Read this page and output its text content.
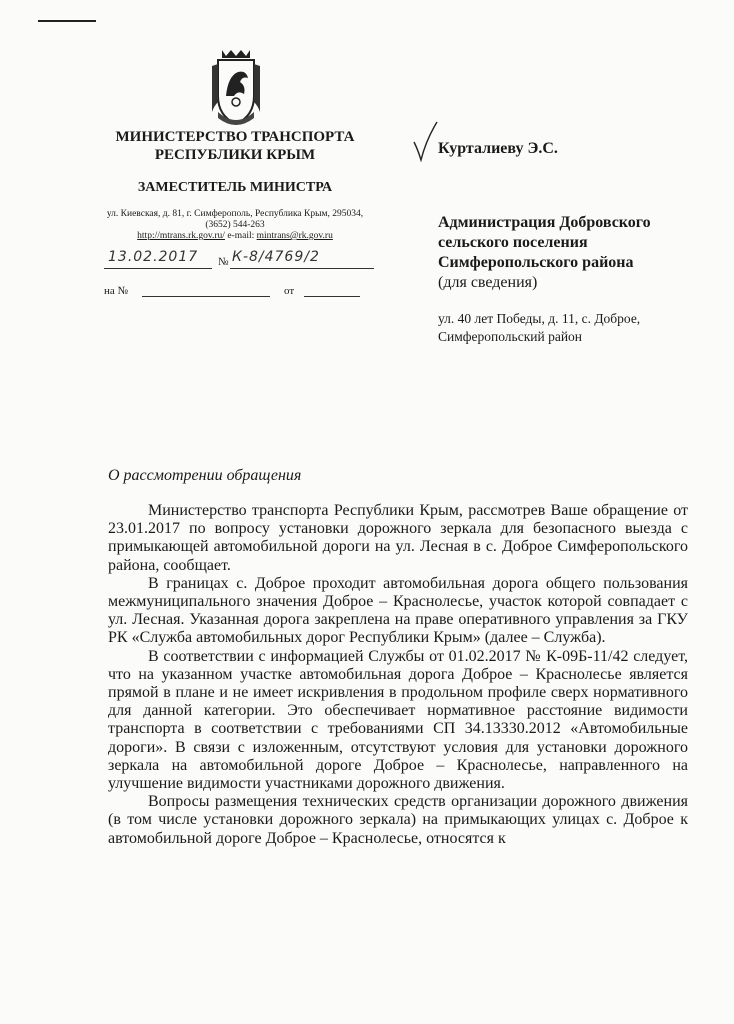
МИНИСТЕРСТВО ТРАНСПОРТА
РЕСПУБЛИКИ КРЫМ
ЗАМЕСТИТЕЛЬ МИНИСТРА
ул. Киевская, д. 81, г. Симферополь, Республика Крым, 295034,
(3652) 544-263
http://mtrans.rk.gov.ru/ e-mail: mintrans@rk.gov.ru
13.02.2017 № К-8/4769/2
на №	от
Курталиеву Э.С.
Администрация Добровского
сельского поселения
Симферопольского района
(для сведения)
ул. 40 лет Победы, д. 11, с. Доброе,
Симферопольский район
О рассмотрении обращения

Министерство транспорта Республики Крым, рассмотрев Ваше обращение от 23.01.2017 по вопросу установки дорожного зеркала для безопасного выезда с примыкающей автомобильной дороги на ул. Лесная в с. Доброе Симферопольского района, сообщает.

В границах с. Доброе проходит автомобильная дорога общего пользования межмуниципального значения Доброе – Краснолесье, участок которой совпадает с ул. Лесная. Указанная дорога закреплена на праве оперативного управления за ГКУ РК «Служба автомобильных дорог Республики Крым» (далее – Служба).

В соответствии с информацией Службы от 01.02.2017 № К-09Б-11/42 следует, что на указанном участке автомобильная дорога Доброе – Краснолесье является прямой в плане и не имеет искривления в продольном профиле сверх нормативного для данной категории. Это обеспечивает нормативное расстояние видимости транспорта в соответствии с требованиями СП 34.13330.2012 «Автомобильные дороги». В связи с изложенным, отсутствуют условия для установки дорожного зеркала на автомобильной дороге Доброе – Краснолесье, направленного на улучшение видимости участниками дорожного движения.

Вопросы размещения технических средств организации дорожного движения (в том числе установки дорожного зеркала) на примыкающих улицах с. Доброе к автомобильной дороге Доброе – Краснолесье, относятся к
